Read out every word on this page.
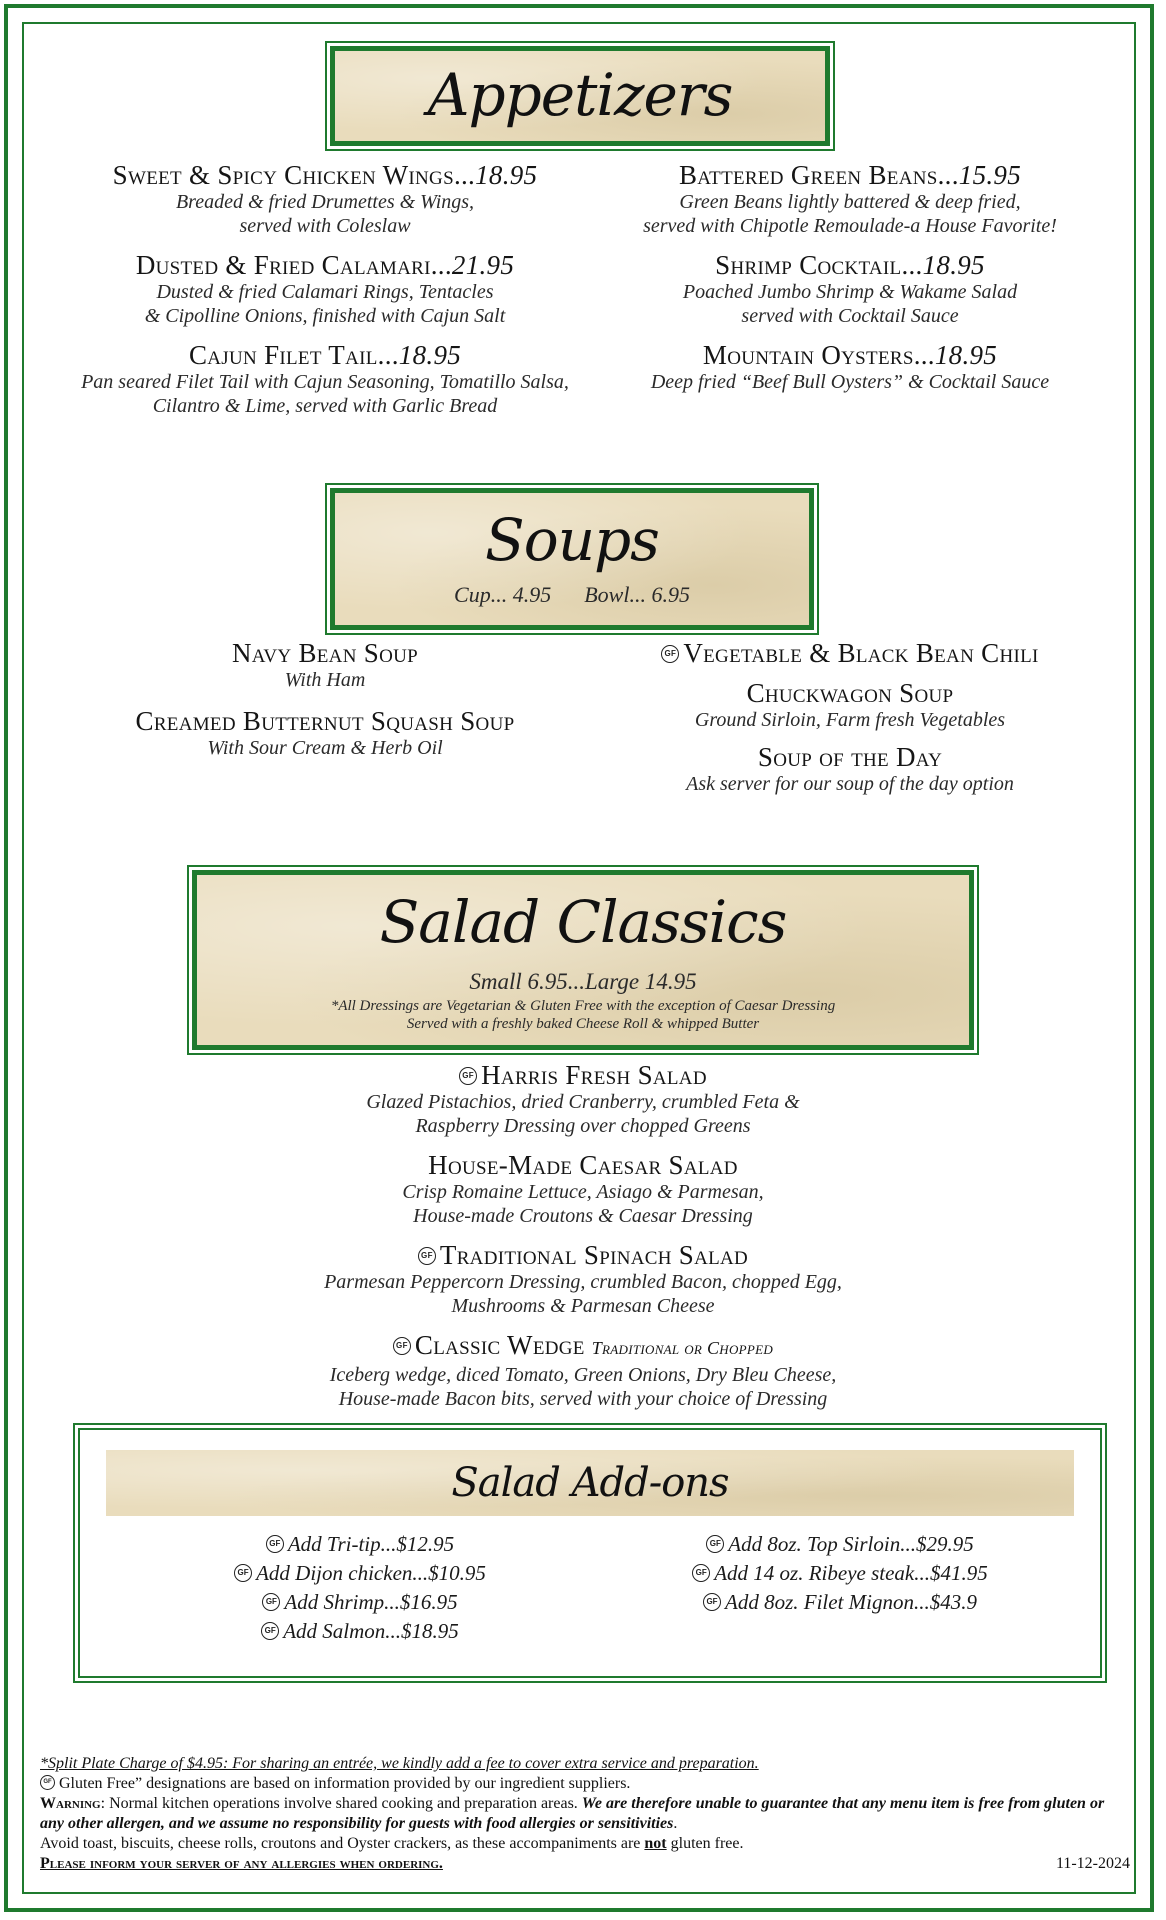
Appetizers
Sweet & Spicy Chicken Wings...18.95
Breaded & fried Drumettes & Wings,
served with Coleslaw
Dusted & Fried Calamari...21.95
Dusted & fried Calamari Rings, Tentacles
& Cipolline Onions, finished with Cajun Salt
Cajun Filet Tail...18.95
Pan seared Filet Tail with Cajun Seasoning, Tomatillo Salsa,
Cilantro & Lime, served with Garlic Bread
Battered Green Beans...15.95
Green Beans lightly battered & deep fried,
served with Chipotle Remoulade-a House Favorite!
Shrimp Cocktail...18.95
Poached Jumbo Shrimp & Wakame Salad
served with Cocktail Sauce
Mountain Oysters...18.95
Deep fried “Beef Bull Oysters” & Cocktail Sauce
Soups
Cup... 4.95 Bowl... 6.95
Navy Bean Soup
With Ham
Creamed Butternut Squash Soup
With Sour Cream & Herb Oil
GF Vegetable & Black Bean Chili
Chuckwagon Soup
Ground Sirloin, Farm fresh Vegetables
Soup of the Day
Ask server for our soup of the day option
Salad Classics
Small 6.95...Large 14.95
*All Dressings are Vegetarian & Gluten Free with the exception of Caesar Dressing
Served with a freshly baked Cheese Roll & whipped Butter
GF Harris Fresh Salad
Glazed Pistachios, dried Cranberry, crumbled Feta &
Raspberry Dressing over chopped Greens
House-Made Caesar Salad
Crisp Romaine Lettuce, Asiago & Parmesan,
House-made Croutons & Caesar Dressing
GF Traditional Spinach Salad
Parmesan Peppercorn Dressing, crumbled Bacon, chopped Egg,
Mushrooms & Parmesan Cheese
GF Classic Wedge Traditional or Chopped
Iceberg wedge, diced Tomato, Green Onions, Dry Bleu Cheese,
House-made Bacon bits, served with your choice of Dressing
Salad Add-ons
GF Add Tri-tip...$12.95
GF Add Dijon chicken...$10.95
GF Add Shrimp...$16.95
GF Add Salmon...$18.95
GF Add 8oz. Top Sirloin...$29.95
GF Add 14 oz. Ribeye steak...$41.95
GF Add 8oz. Filet Mignon...$43.9
*Split Plate Charge of $4.95: For sharing an entrée, we kindly add a fee to cover extra service and preparation.
GF Gluten Free” designations are based on information provided by our ingredient suppliers.
Warning: Normal kitchen operations involve shared cooking and preparation areas. We are therefore unable to guarantee that any menu item is free from gluten or any other allergen, and we assume no responsibility for guests with food allergies or sensitivities.
Avoid toast, biscuits, cheese rolls, croutons and Oyster crackers, as these accompaniments are not gluten free.
Please inform your server of any allergies when ordering.	11-12-2024
